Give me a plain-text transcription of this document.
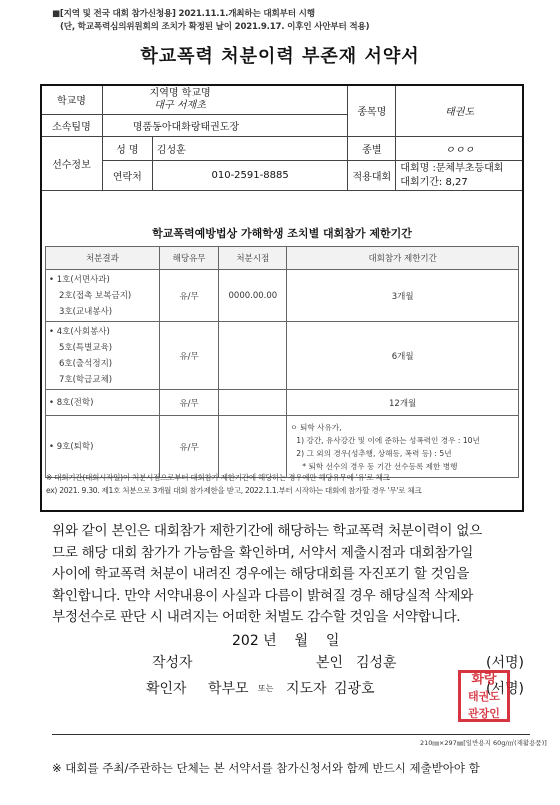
■[지역 및 전국 대회 참가신청용] 2021.11.1.개최하는 대회부터 시행
(단, 학교폭력심의위원회의 조치가 확정된 날이 2021.9.17. 이후인 사안부터 적용)
학교폭력 처분이력 부존재 서약서
학교명	지역명 학교명
대구 서재초		종목명	태권도
소속팀명	명품동아대화랑태권도장			
선수정보	성 명	김성훈	종별	ㅇㅇㅇ
	연락처	010-2591-8885	적용대회	대회명 :문체부초등대회
대회기간: 8,27
학교폭력예방법상 가해학생 조치별 대회참가 제한기간
처분결과	해당유무	처분시점	대회참가 제한기간

• 1호(서면사과)
2호(접촉 보복금지)
3호(교내봉사)	유/무	0000.00.00	3개월

• 4호(사회봉사)
5호(특별교육)
6호(출석정지)
7호(학급교체)	유/무		6개월

• 8호(전학)	유/무		12개월

• 9호(퇴학)	유/무		ㅇ 퇴학 사유가,
1) 강간, 유사강간 및 이에 준하는 성폭력인 경우 : 10년
2) 그 외의 경우(성추행, 상해등, 폭력 등) : 5년
* 퇴학 선수의 경우 동 기간 선수등록 제한 병행
※ 대회기간(대회시작일)이 처분시점으로부터 대회참가 제한기간에 해당하는 경우에만 해당유무에 '유'로 체크
ex) 2021. 9.30. 제1호 처분으로 3개월 대회 참가제한을 받고, 2022.1.1.부터 시작하는 대회에 참가할 경우 '무'로 체크
위와 같이 본인은 대회참가 제한기간에 해당하는 학교폭력 처분이력이 없으
므로 해당 대회 참가가 가능함을 확인하며, 서약서 제출시점과 대회참가일
사이에 학교폭력 처분이 내려진 경우에는 해당대회를 자진포기 할 것임을
확인합니다. 만약 서약내용이 사실과 다름이 밝혀질 경우 해당실적 삭제와
부정선수로 판단 시 내려지는 어떠한 처벌도 감수할 것임을 서약합니다.
202 년    월    일
작성자	본인 김성훈	(서명)
확인자 학부모 또는 지도자 김광호	(서명)
화랑
태권도
관장인
210㎜×297㎜[일반용지 60g/㎡(재활용품)]
※ 대회를 주최/주관하는 단체는 본 서약서를 참가신청서와 함께 반드시 제출받아야 함
